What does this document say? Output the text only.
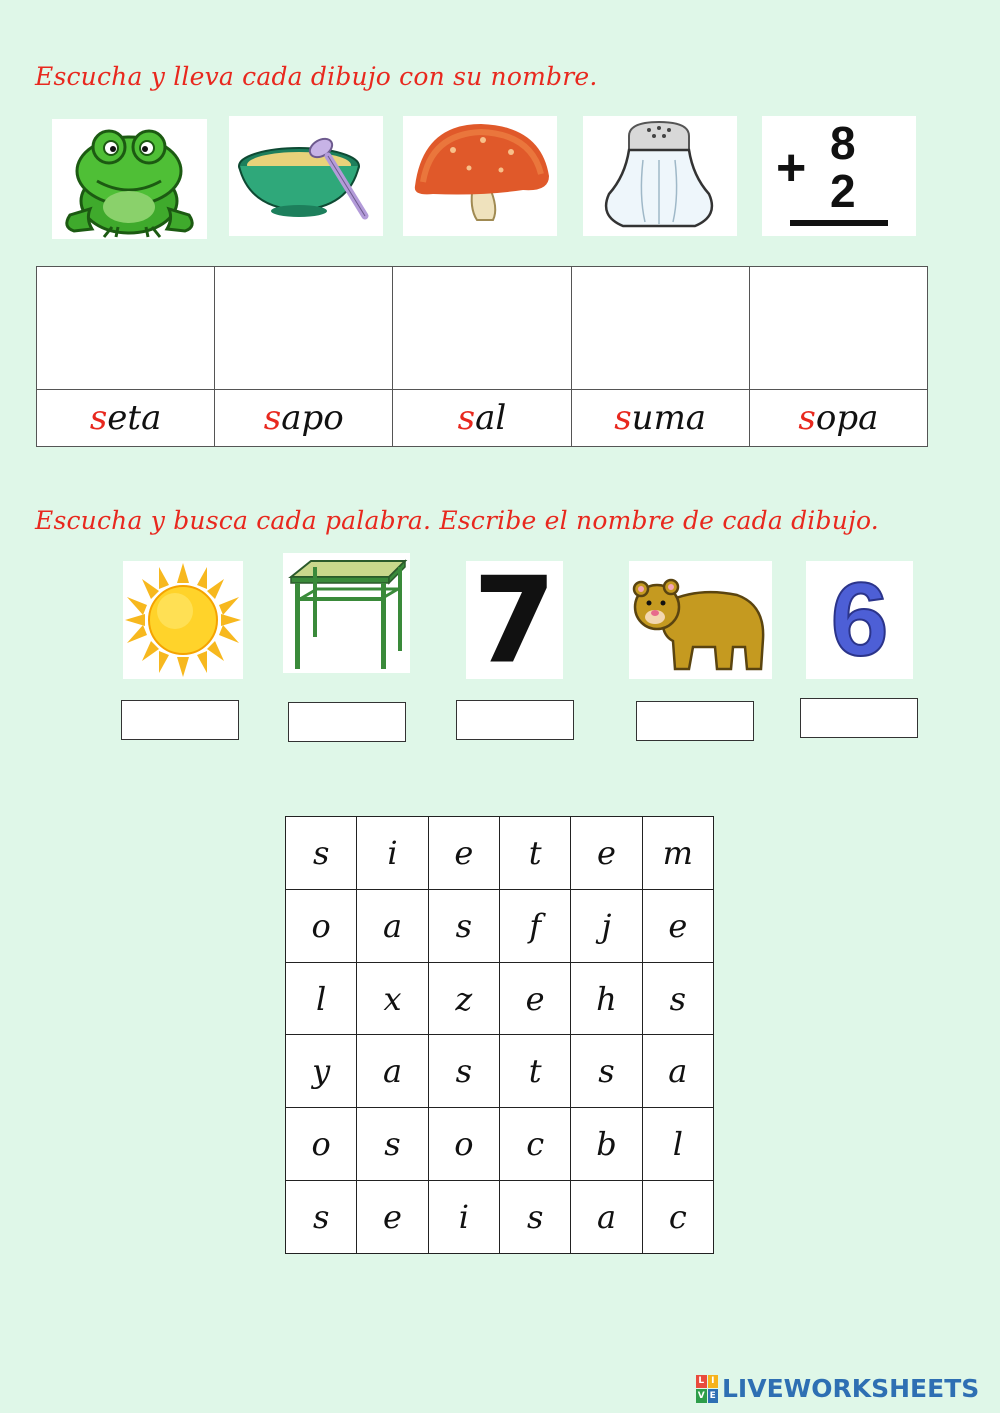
Escucha y lleva cada dibujo con su nombre.
8
+ 2

seta	sapo	sal	suma	sopa
Escucha y busca cada palabra. Escribe el nombre de cada dibujo.
7	6
s	i	e	t	e	m
o	a	s	f	j	e
l	x	z	e	h	s
y	a	s	t	s	a
o	s	o	c	b	l
s	e	i	s	a	c
L I
V E LIVEWORKSHEETS
